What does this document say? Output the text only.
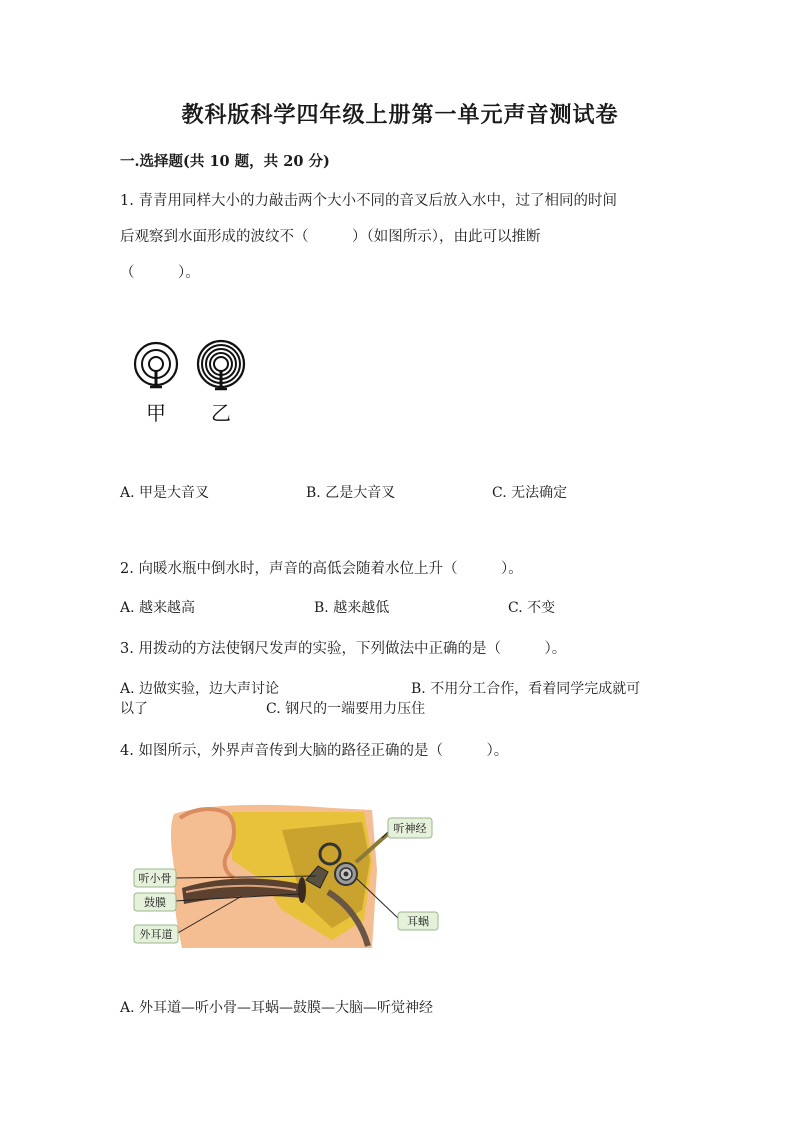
教科版科学四年级上册第一单元声音测试卷
一.选择题(共 10 题，共 20 分)
1. 青青用同样大小的力敲击两个大小不同的音叉后放入水中，过了相同的时间
后观察到水面形成的波纹不（　　　）（如图所示），由此可以推断
（　　　）。
甲 乙
A. 甲是大音叉	B. 乙是大音叉	C. 无法确定
2. 向暖水瓶中倒水时，声音的高低会随着水位上升（　　　）。
A. 越来越高	B. 越来越低	C. 不变
3. 用拨动的方法使钢尺发声的实验，下列做法中正确的是（　　　）。
A. 边做实验，边大声讨论	B. 不用分工合作，看着同学完成就可
以了	C. 钢尺的一端要用力压住
4. 如图所示，外界声音传到大脑的路径正确的是（　　　）。
听神经
听小骨
鼓膜
外耳道
耳蜗
A. 外耳道—听小骨—耳蜗—鼓膜—大脑—听觉神经
